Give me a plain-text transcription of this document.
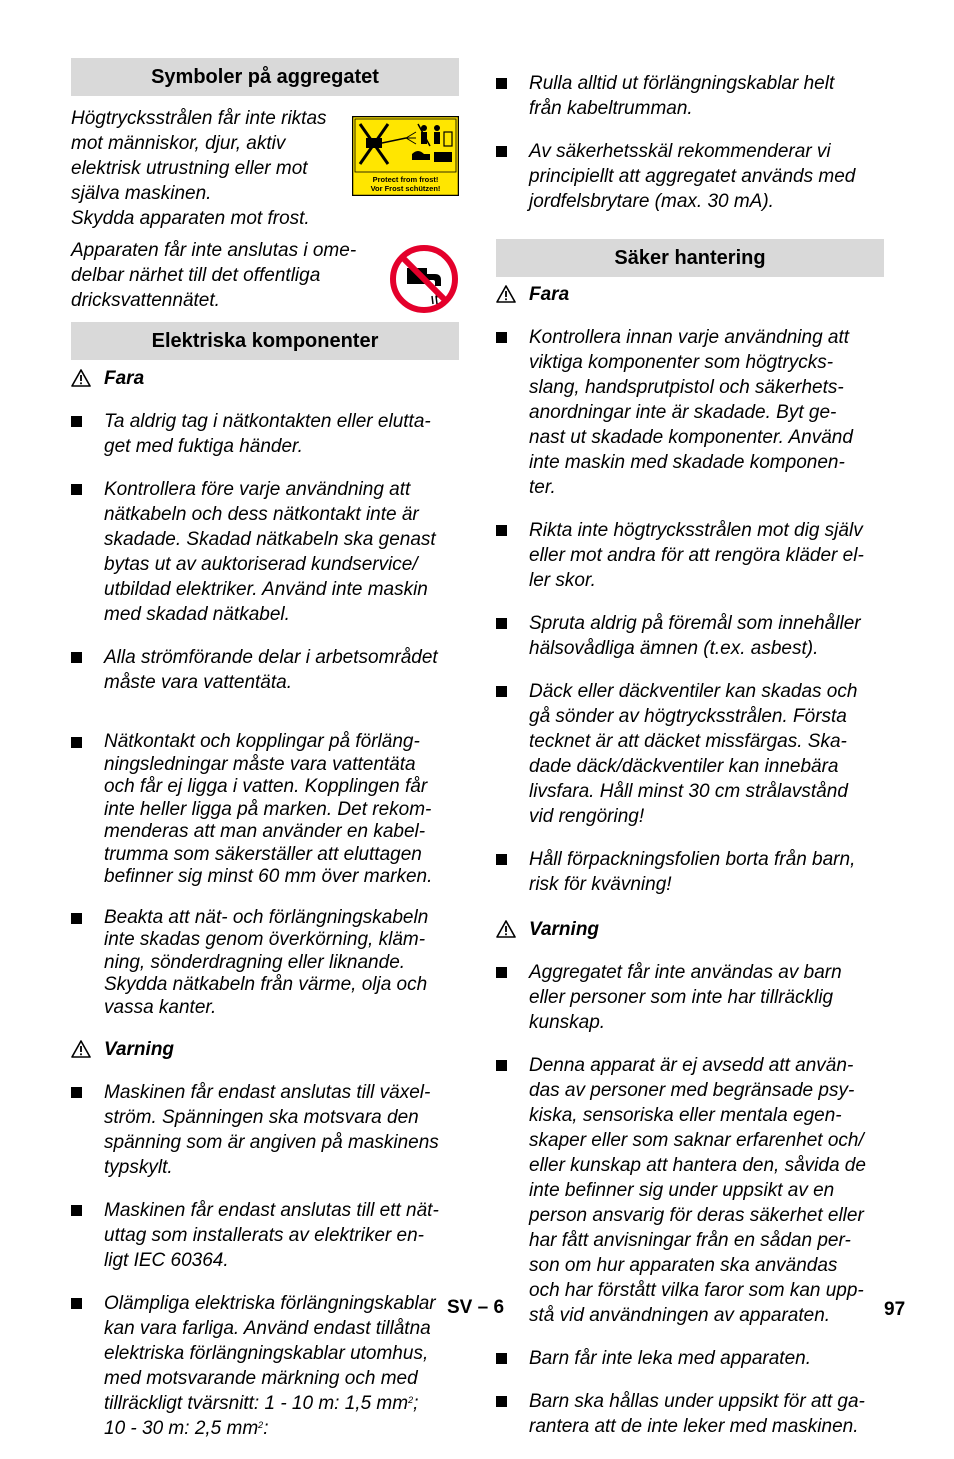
Symboler på aggregatet
Högtrycksstrålen får inte riktas
mot människor, djur, aktiv
elektrisk utrustning eller mot
själva maskinen.
Skydda apparaten mot frost.
Protect from frost!
Vor Frost schützen!
Apparaten får inte anslutas i ome-
delbar närhet till det offentliga
dricksvattennätet.
Elektriska komponenter
Fara

Ta aldrig tag i nätkontakten eller elutta-
get med fuktiga händer.

Kontrollera före varje användning att
nätkabeln och dess nätkontakt inte är
skadade. Skadad nätkabeln ska genast
bytas ut av auktoriserad kundservice/
utbildad elektriker. Använd inte maskin
med skadad nätkabel.

Alla strömförande delar i arbetsområdet
måste vara vattentäta.

Nätkontakt och kopplingar på förläng-
ningsledningar måste vara vattentäta
och får ej ligga i vatten. Kopplingen får
inte heller ligga på marken. Det rekom-
menderas att man använder en kabel-
trumma som säkerställer att eluttagen
befinner sig minst 60 mm över marken.

Beakta att nät- och förlängningskabeln
inte skadas genom överkörning, kläm-
ning, sönderdragning eller liknande.
Skydda nätkabeln från värme, olja och
vassa kanter.

Varning

Maskinen får endast anslutas till växel-
ström. Spänningen ska motsvara den
spänning som är angiven på maskinens
typskylt.

Maskinen får endast anslutas till ett nät-
uttag som installerats av elektriker en-
ligt IEC 60364.

Olämpliga elektriska förlängningskablar
kan vara farliga. Använd endast tillåtna
elektriska förlängningskablar utomhus,
med motsvarande märkning och med
tillräckligt tvärsnitt: 1 - 10 m: 1,5 $mm^2$;
10 - 30 m: 2,5 $mm^2$:

Rulla alltid ut förlängningskablar helt
från kabeltrumman.

Av säkerhetsskäl rekommenderar vi
principiellt att aggregatet används med
jordfelsbrytare (max. 30 mA).

Säker hantering
Fara

Kontrollera innan varje användning att
viktiga komponenter som högtrycks-
slang, handsprutpistol och säkerhets-
anordningar inte är skadade. Byt ge-
nast ut skadade komponenter. Använd
inte maskin med skadade komponen-
ter.

Rikta inte högtrycksstrålen mot dig själv
eller mot andra för att rengöra kläder el-
ler skor.

Spruta aldrig på föremål som innehåller
hälsovådliga ämnen (t.ex. asbest).

Däck eller däckventiler kan skadas och
gå sönder av högtrycksstrålen. Första
tecknet är att däcket missfärgas. Ska-
dade däck/däckventiler kan innebära
livsfara. Håll minst 30 cm strålavstånd
vid rengöring!

Håll förpackningsfolien borta från barn,
risk för kvävning!

Varning

Aggregatet får inte användas av barn
eller personer som inte har tillräcklig
kunskap.

Denna apparat är ej avsedd att använ-
das av personer med begränsade psy-
kiska, sensoriska eller mentala egen-
skaper eller som saknar erfarenhet och/
eller kunskap att hantera den, såvida de
inte befinner sig under uppsikt av en
person ansvarig för deras säkerhet eller
har fått anvisningar från en sådan per-
son om hur apparaten ska användas
och har förstått vilka faror som kan upp-
stå vid användningen av apparaten.

Barn får inte leka med apparaten.

Barn ska hållas under uppsikt för att ga-
rantera att de inte leker med maskinen.

SV – 6	97
